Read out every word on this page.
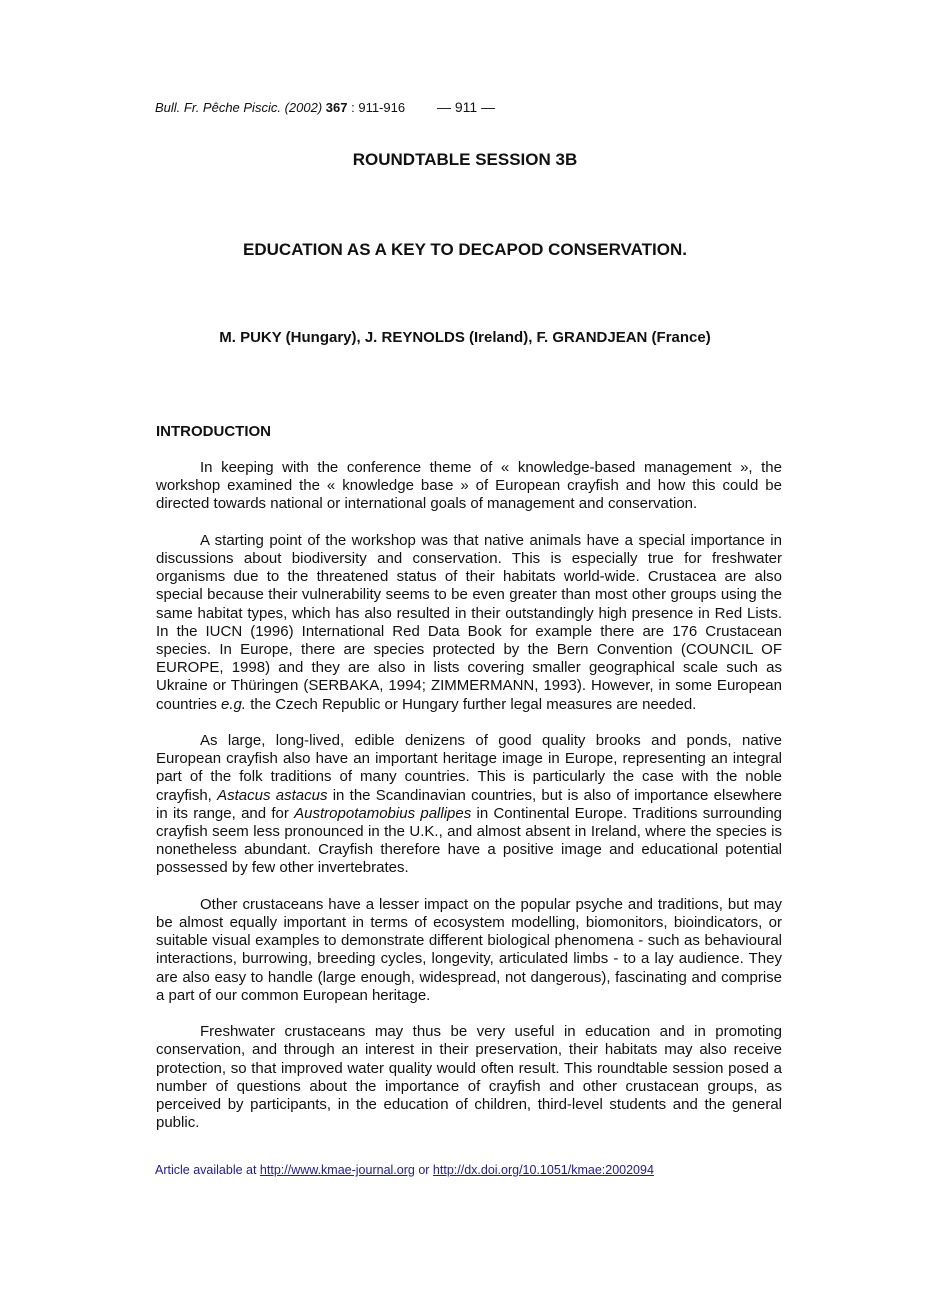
Bull. Fr. Pêche Piscic. (2002) 367 : 911-916 — 911 —
ROUNDTABLE SESSION 3B
EDUCATION AS A KEY TO DECAPOD CONSERVATION.
M. PUKY (Hungary), J. REYNOLDS (Ireland), F. GRANDJEAN (France)
INTRODUCTION

In keeping with the conference theme of « knowledge-based management », the workshop examined the « knowledge base » of European crayfish and how this could be directed towards national or international goals of management and conservation.

A starting point of the workshop was that native animals have a special importance in discussions about biodiversity and conservation. This is especially true for freshwater organisms due to the threatened status of their habitats world-wide. Crustacea are also special because their vulnerability seems to be even greater than most other groups using the same habitat types, which has also resulted in their outstandingly high presence in Red Lists. In the IUCN (1996) International Red Data Book for example there are 176 Crustacean species. In Europe, there are species protected by the Bern Convention (COUNCIL OF EUROPE, 1998) and they are also in lists covering smaller geographical scale such as Ukraine or Thüringen (SERBAKA, 1994; ZIMMERMANN, 1993). However, in some European countries e.g. the Czech Republic or Hungary further legal measures are needed.

As large, long-lived, edible denizens of good quality brooks and ponds, native European crayfish also have an important heritage image in Europe, representing an integral part of the folk traditions of many countries. This is particularly the case with the noble crayfish, Astacus astacus in the Scandinavian countries, but is also of importance elsewhere in its range, and for Austropotamobius pallipes in Continental Europe. Traditions surrounding crayfish seem less pronounced in the U.K., and almost absent in Ireland, where the species is nonetheless abundant. Crayfish therefore have a positive image and educational potential possessed by few other invertebrates.

Other crustaceans have a lesser impact on the popular psyche and traditions, but may be almost equally important in terms of ecosystem modelling, biomonitors, bioindicators, or suitable visual examples to demonstrate different biological phenomena - such as behavioural interactions, burrowing, breeding cycles, longevity, articulated limbs - to a lay audience. They are also easy to handle (large enough, widespread, not dangerous), fascinating and comprise a part of our common European heritage.

Freshwater crustaceans may thus be very useful in education and in promoting conservation, and through an interest in their preservation, their habitats may also receive protection, so that improved water quality would often result. This roundtable session posed a number of questions about the importance of crayfish and other crustacean groups, as perceived by participants, in the education of children, third-level students and the general public.

Article available at http://www.kmae-journal.org or http://dx.doi.org/10.1051/kmae:2002094
